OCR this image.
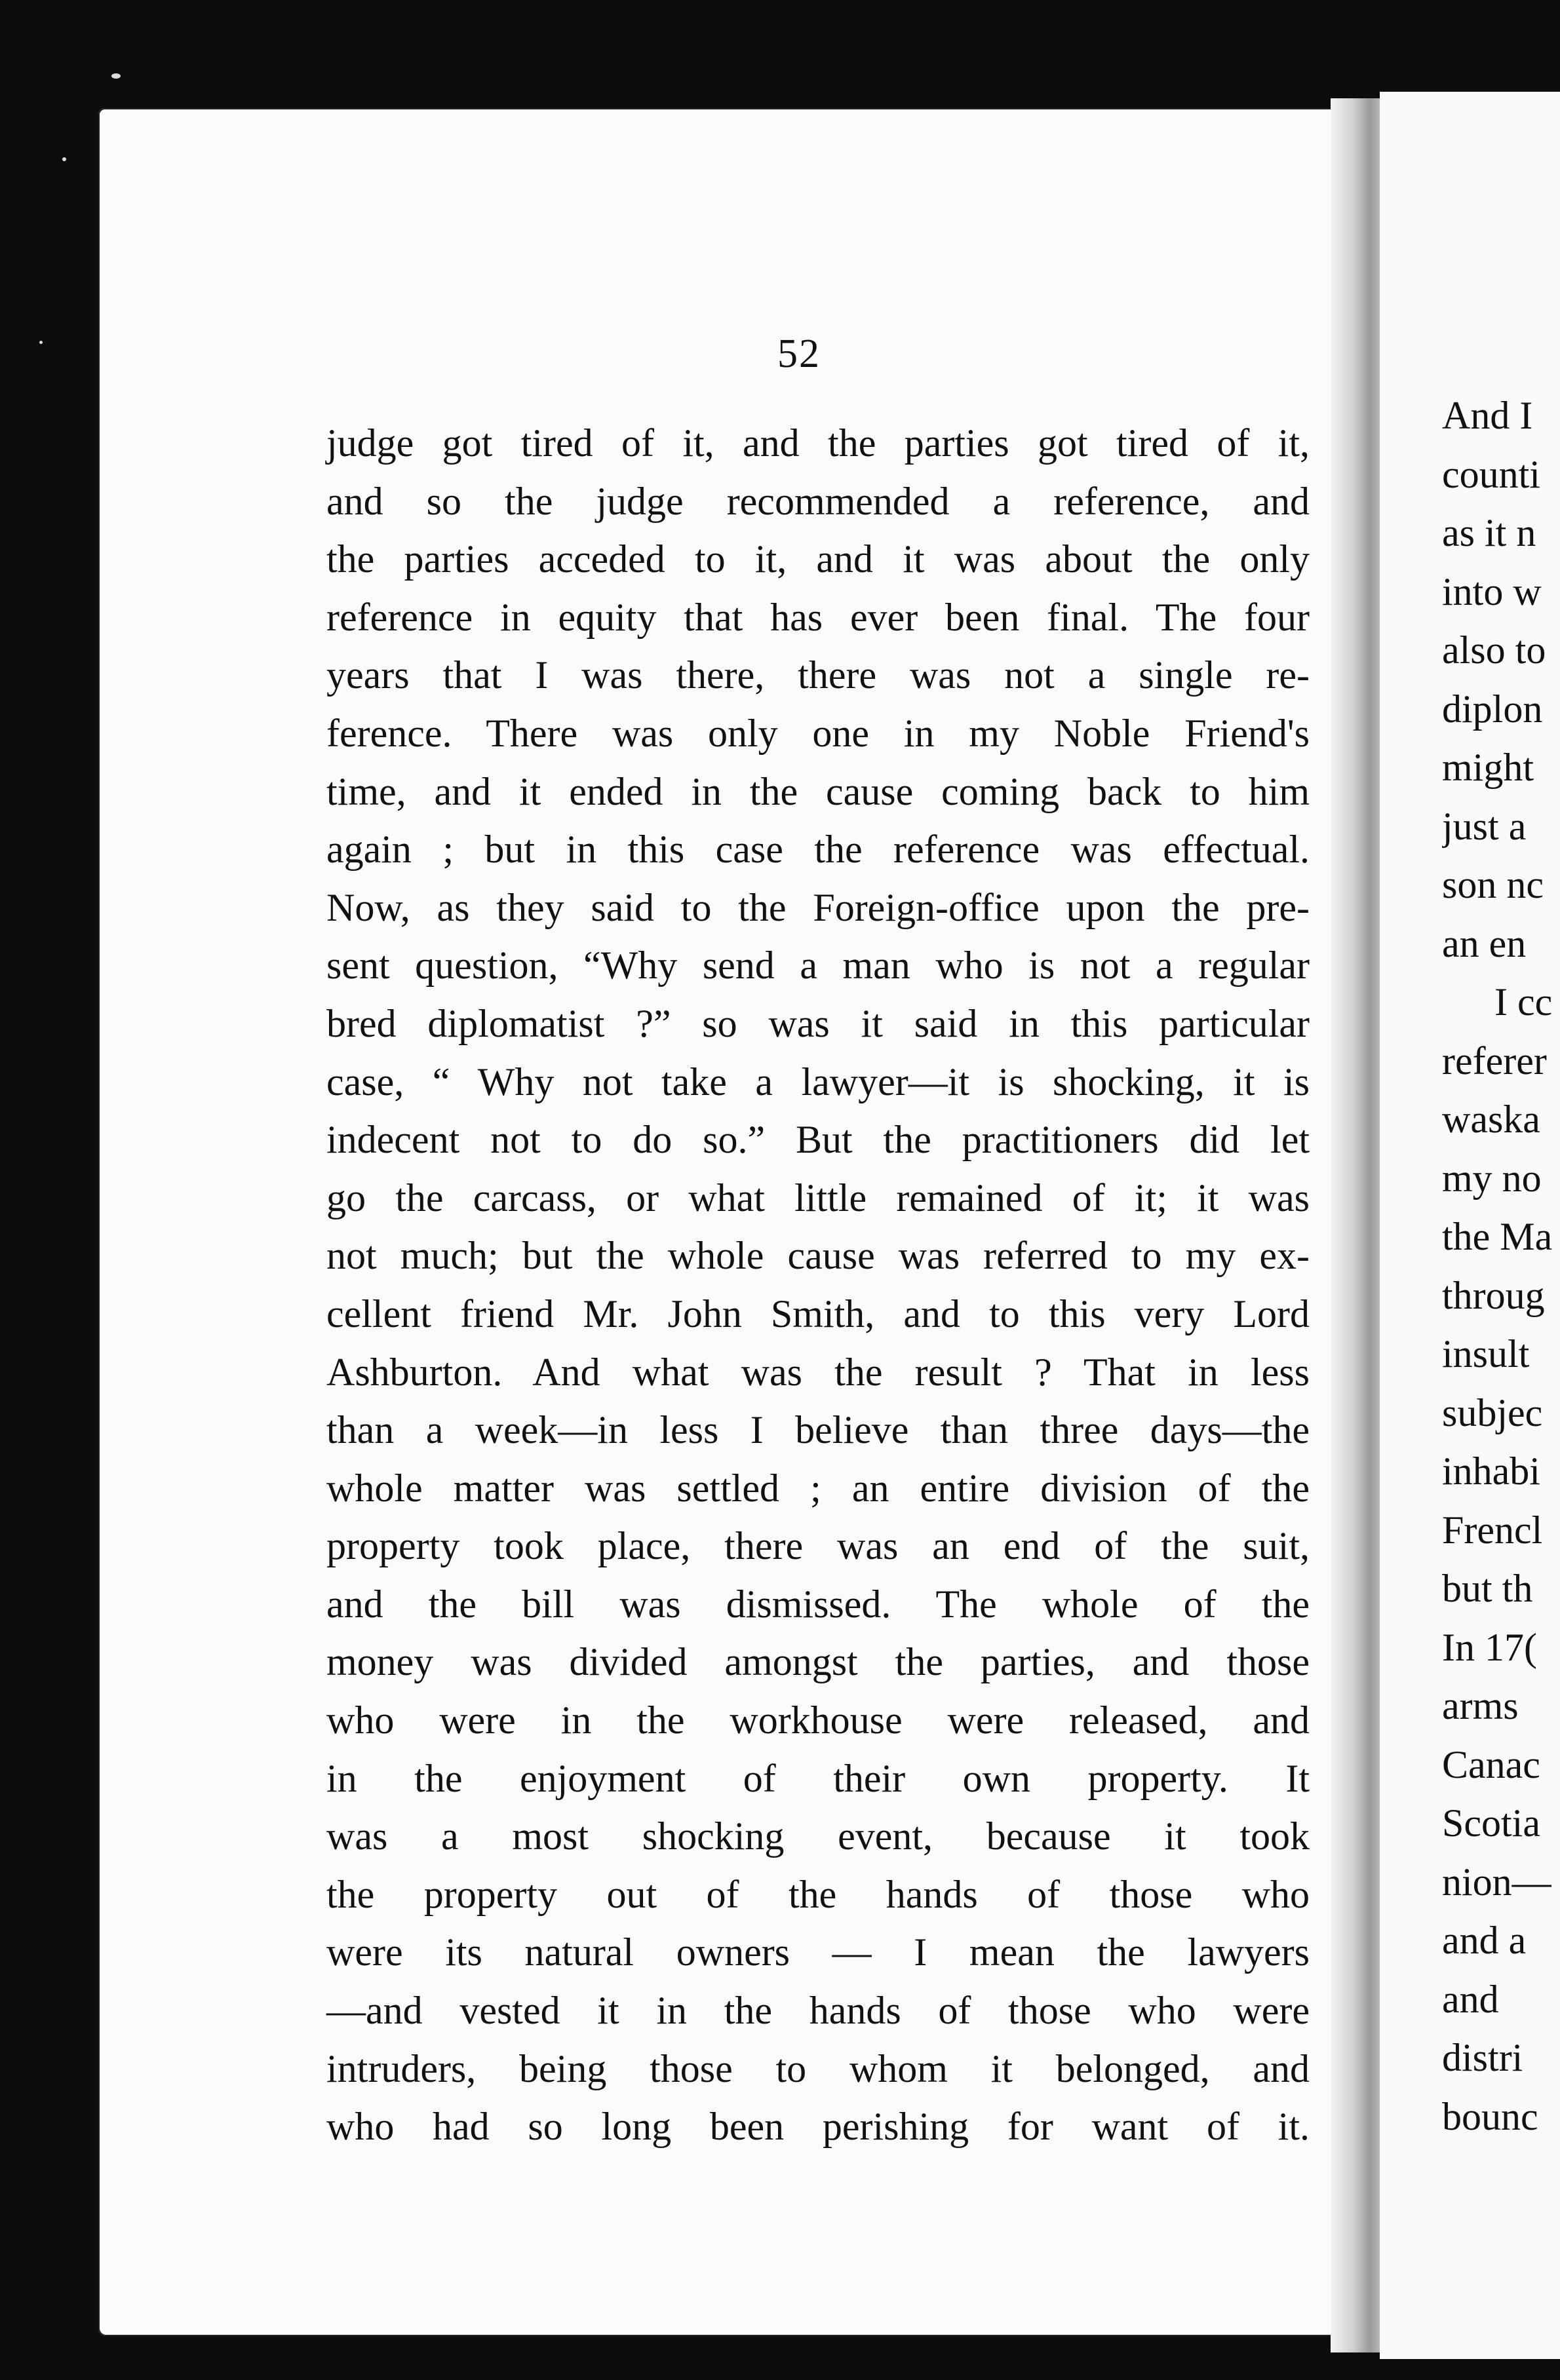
52
judge got tired of it, and the parties got tired of it,
and so the judge recommended a reference, and
the parties acceded to it, and it was about the only
reference in equity that has ever been final. The four
years that I was there, there was not a single re-
ference. There was only one in my Noble Friend's
time, and it ended in the cause coming back to him
again ; but in this case the reference was effectual.
Now, as they said to the Foreign-office upon the pre-
sent question, “Why send a man who is not a regular
bred diplomatist ?” so was it said in this particular
case, “ Why not take a lawyer—it is shocking, it is
indecent not to do so.” But the practitioners did let
go the carcass, or what little remained of it; it was
not much; but the whole cause was referred to my ex-
cellent friend Mr. John Smith, and to this very Lord
Ashburton. And what was the result ? That in less
than a week—in less I believe than three days—the
whole matter was settled ; an entire division of the
property took place, there was an end of the suit,
and the bill was dismissed. The whole of the
money was divided amongst the parties, and those
who were in the workhouse were released, and
in the enjoyment of their own property. It
was a most shocking event, because it took
the property out of the hands of those who
were its natural owners — I mean the lawyers
—and vested it in the hands of those who were
intruders, being those to whom it belonged, and
who had so long been perishing for want of it.
And I
counti
as it n
into w
also to
diplon
might
just a
son nc
an en
I cc
referer
waska
my no
the Ma
throug
insult
subjec
inhabi
Frencl
but th
In 17(
arms
Canac
Scotia
nion—
and a
and
distri
bounc
